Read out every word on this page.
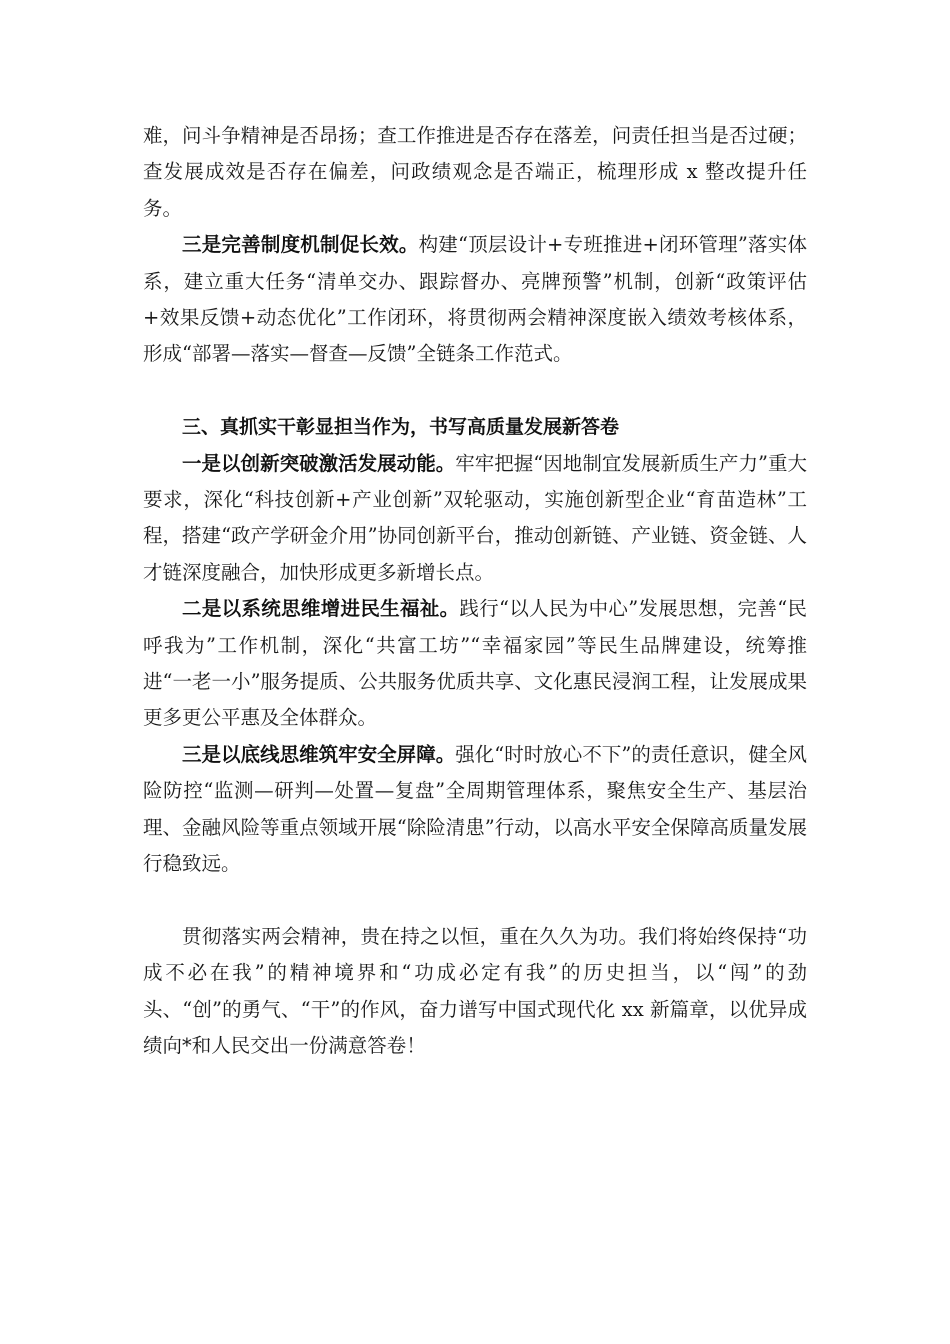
难，问斗争精神是否昂扬；查工作推进是否存在落差，问责任担当是否过硬；查发展成效是否存在偏差，问政绩观念是否端正，梳理形成 x 整改提升任务。

三是完善制度机制促长效。构建“顶层设计+专班推进+闭环管理”落实体系，建立重大任务“清单交办、跟踪督办、亮牌预警”机制，创新“政策评估+效果反馈+动态优化”工作闭环，将贯彻两会精神深度嵌入绩效考核体系，形成“部署—落实—督查—反馈”全链条工作范式。

三、真抓实干彰显担当作为，书写高质量发展新答卷

一是以创新突破激活发展动能。牢牢把握“因地制宜发展新质生产力”重大要求，深化“科技创新+产业创新”双轮驱动，实施创新型企业“育苗造林”工程，搭建“政产学研金介用”协同创新平台，推动创新链、产业链、资金链、人才链深度融合，加快形成更多新增长点。

二是以系统思维增进民生福祉。践行“以人民为中心”发展思想，完善“民呼我为”工作机制，深化“共富工坊”“幸福家园”等民生品牌建设，统筹推进“一老一小”服务提质、公共服务优质共享、文化惠民浸润工程，让发展成果更多更公平惠及全体群众。

三是以底线思维筑牢安全屏障。强化“时时放心不下”的责任意识，健全风险防控“监测—研判—处置—复盘”全周期管理体系，聚焦安全生产、基层治理、金融风险等重点领域开展“除险清患”行动，以高水平安全保障高质量发展行稳致远。

贯彻落实两会精神，贵在持之以恒，重在久久为功。我们将始终保持“功成不必在我”的精神境界和“功成必定有我”的历史担当，以“闯”的劲头、“创”的勇气、“干”的作风，奋力谱写中国式现代化 xx 新篇章，以优异成绩向*和人民交出一份满意答卷！
